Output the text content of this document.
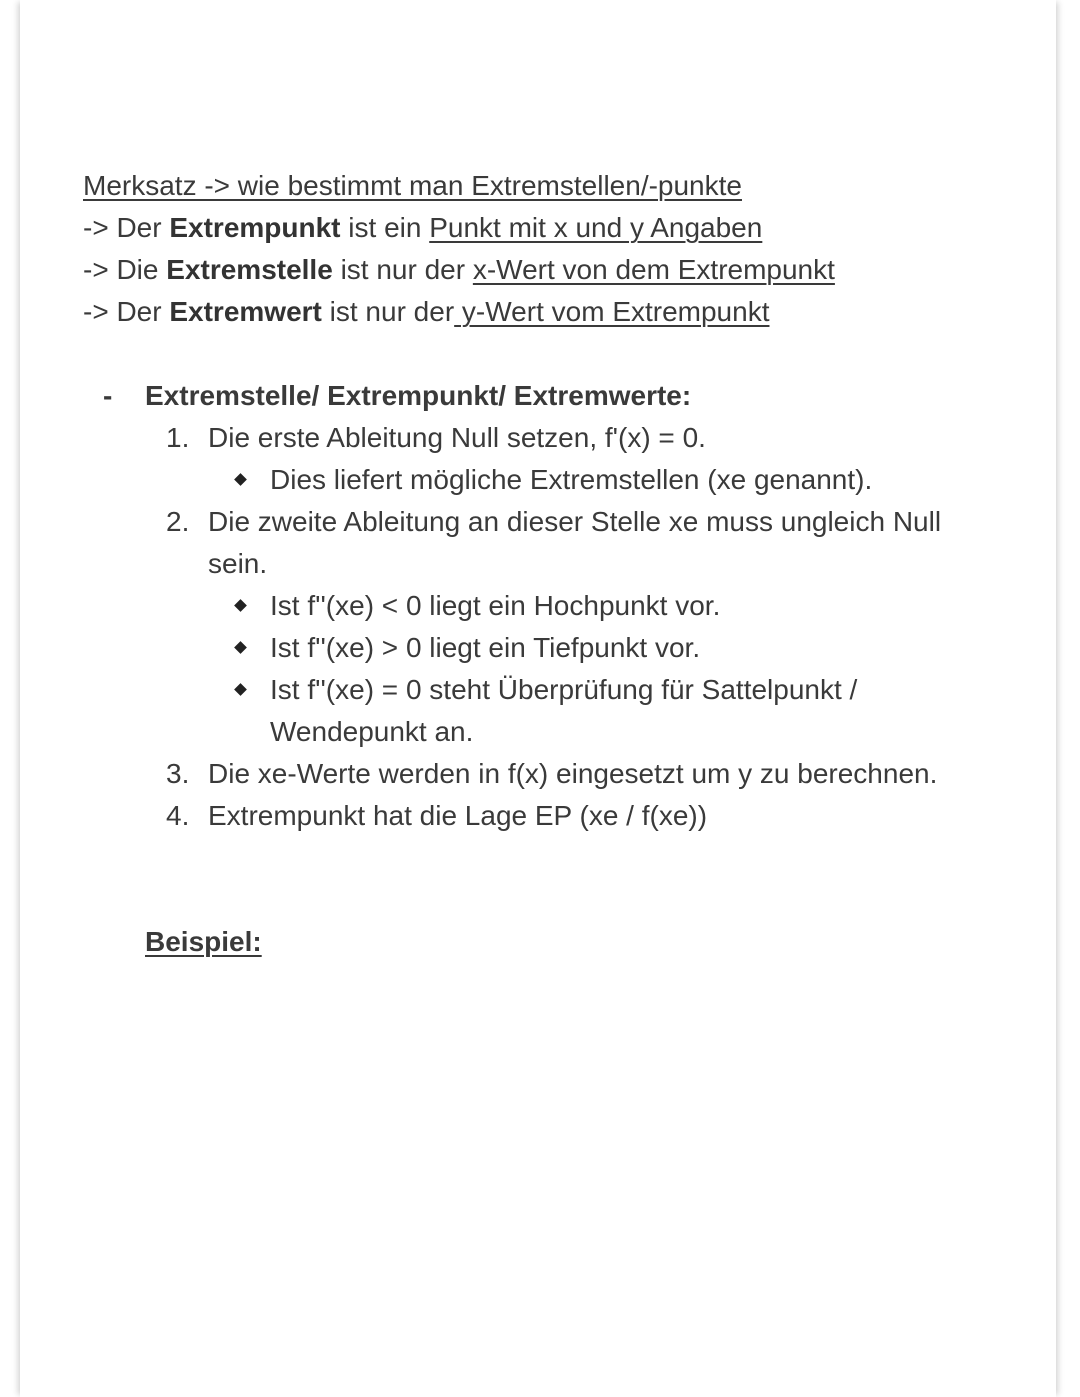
Merksatz -> wie bestimmt man Extremstellen/-punkte
-> Der Extrempunkt ist ein Punkt mit x und y Angaben
-> Die Extremstelle ist nur der x-Wert von dem Extrempunkt
-> Der Extremwert ist nur der y-Wert vom Extrempunkt
- Extremstelle/ Extrempunkt/ Extremwerte:
1. Die erste Ableitung Null setzen, f'(x) = 0.
Dies liefert mögliche Extremstellen (xe genannt).
2. Die zweite Ableitung an dieser Stelle xe muss ungleich Null
sein.
Ist f''(xe) < 0 liegt ein Hochpunkt vor.
Ist f''(xe) > 0 liegt ein Tiefpunkt vor.
Ist f''(xe) = 0 steht Überprüfung für Sattelpunkt /
Wendepunkt an.
3. Die xe-Werte werden in f(x) eingesetzt um y zu berechnen.
4. Extrempunkt hat die Lage EP (xe / f(xe))
Beispiel:
